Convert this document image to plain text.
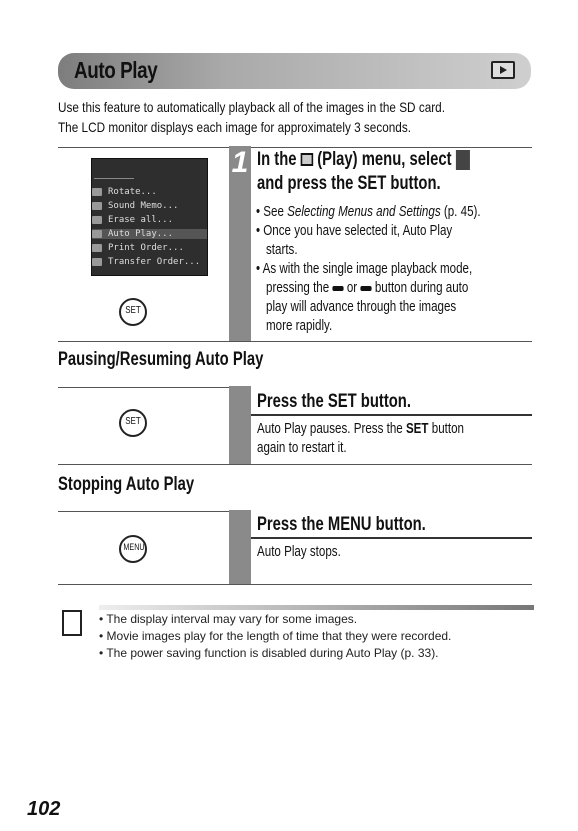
Auto Play
Use this feature to automatically playback all of the images in the SD card.
The LCD monitor displays each image for approximately 3 seconds.
1
Rotate...
Sound Memo...
Erase all...
Auto Play...
Print Order...
Transfer Order...
SET
In the (Play) menu, select
and press the SET button.
• See Selecting Menus and Settings (p. 45).
• Once you have selected it, Auto Play
starts.
• As with the single image playback mode,
pressing the or button during auto
play will advance through the images
more rapidly.
Pausing/Resuming Auto Play
SET
Press the SET button.
Auto Play pauses. Press the SET button
again to restart it.
Stopping Auto Play
MENU
Press the MENU button.
Auto Play stops.
• The display interval may vary for some images.
• Movie images play for the length of time that they were recorded.
• The power saving function is disabled during Auto Play (p. 33).
102
